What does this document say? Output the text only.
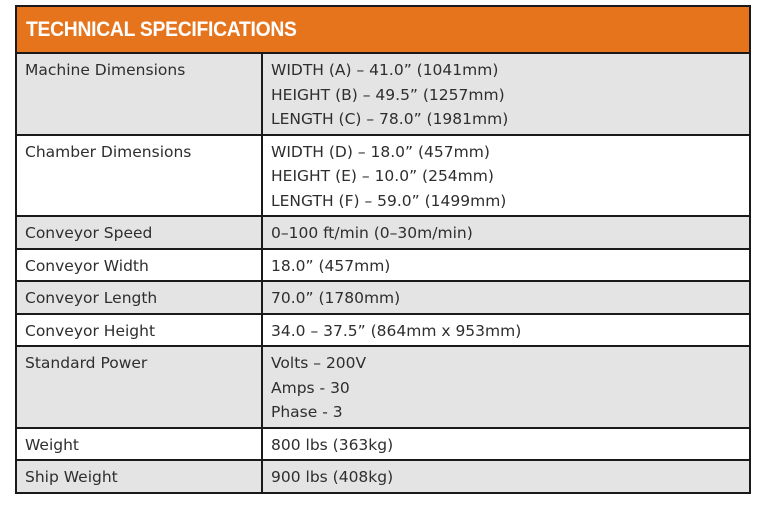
TECHNICAL SPECIFICATIONS
Machine Dimensions	WIDTH (A) – 41.0” (1041mm)
HEIGHT (B) – 49.5” (1257mm)
LENGTH (C) – 78.0” (1981mm)

Chamber Dimensions	WIDTH (D) – 18.0” (457mm)
HEIGHT (E) – 10.0” (254mm)
LENGTH (F) – 59.0” (1499mm)

Conveyor Speed	0–100 ft/min (0–30m/min)

Conveyor Width	18.0” (457mm)

Conveyor Length	70.0” (1780mm)

Conveyor Height	34.0 – 37.5” (864mm x 953mm)

Standard Power	Volts – 200V
Amps - 30
Phase - 3

Weight	800 lbs (363kg)

Ship Weight	900 lbs (408kg)
